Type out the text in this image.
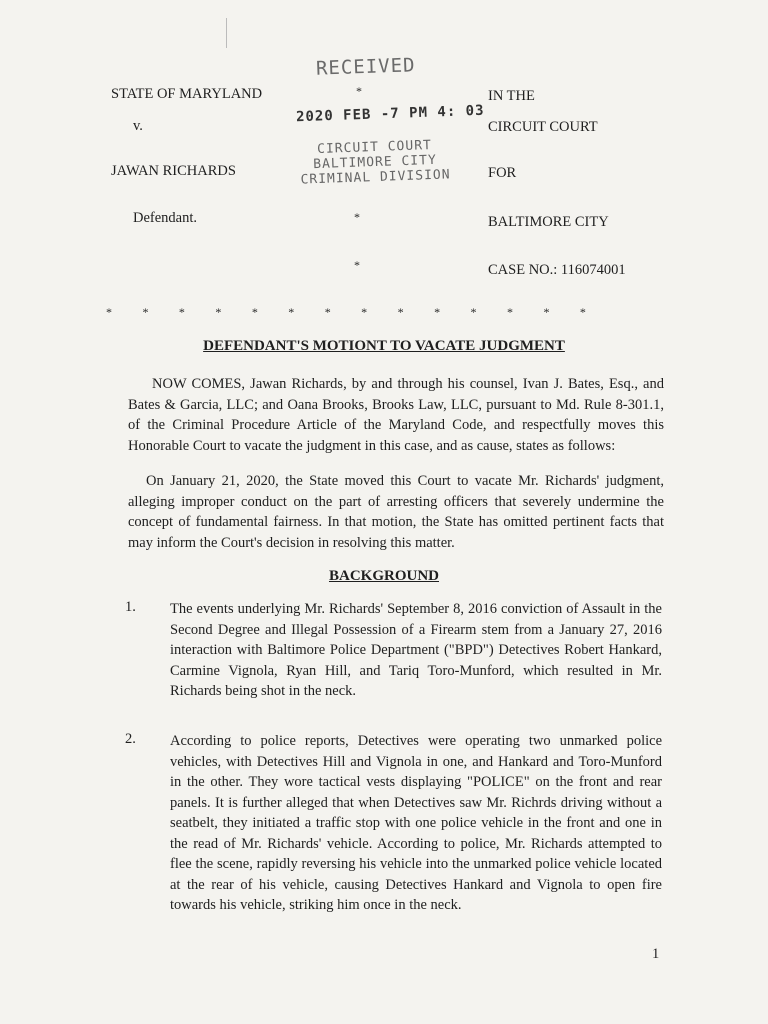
STATE OF MARYLAND
v.
JAWAN RICHARDS
Defendant.
*
*
*
IN THE
CIRCUIT COURT
FOR
BALTIMORE CITY
CASE NO.: 116074001
RECEIVED
2020 FEB -7 PM 4: 03
CIRCUIT COURT
BALTIMORE CITY
CRIMINAL DIVISION
*	*	*	*	*	*	*	*	*	*	*	*	*	*
DEFENDANT'S MOTIONT TO VACATE JUDGMENT
NOW COMES, Jawan Richards, by and through his counsel, Ivan J. Bates, Esq., and Bates & Garcia, LLC; and Oana Brooks, Brooks Law, LLC, pursuant to Md. Rule 8-301.1, of the Criminal Procedure Article of the Maryland Code, and respectfully moves this Honorable Court to vacate the judgment in this case, and as cause, states as follows:
On January 21, 2020, the State moved this Court to vacate Mr. Richards' judgment, alleging improper conduct on the part of arresting officers that severely undermine the concept of fundamental fairness. In that motion, the State has omitted pertinent facts that may inform the Court's decision in resolving this matter.
BACKGROUND
1. The events underlying Mr. Richards' September 8, 2016 conviction of Assault in the Second Degree and Illegal Possession of a Firearm stem from a January 27, 2016 interaction with Baltimore Police Department ("BPD") Detectives Robert Hankard, Carmine Vignola, Ryan Hill, and Tariq Toro-Munford, which resulted in Mr. Richards being shot in the neck.
2. According to police reports, Detectives were operating two unmarked police vehicles, with Detectives Hill and Vignola in one, and Hankard and Toro-Munford in the other. They wore tactical vests displaying "POLICE" on the front and rear panels. It is further alleged that when Detectives saw Mr. Richrds driving without a seatbelt, they initiated a traffic stop with one police vehicle in the front and one in the read of Mr. Richards' vehicle. According to police, Mr. Richards attempted to flee the scene, rapidly reversing his vehicle into the unmarked police vehicle located at the rear of his vehicle, causing Detectives Hankard and Vignola to open fire towards his vehicle, striking him once in the neck.
1
